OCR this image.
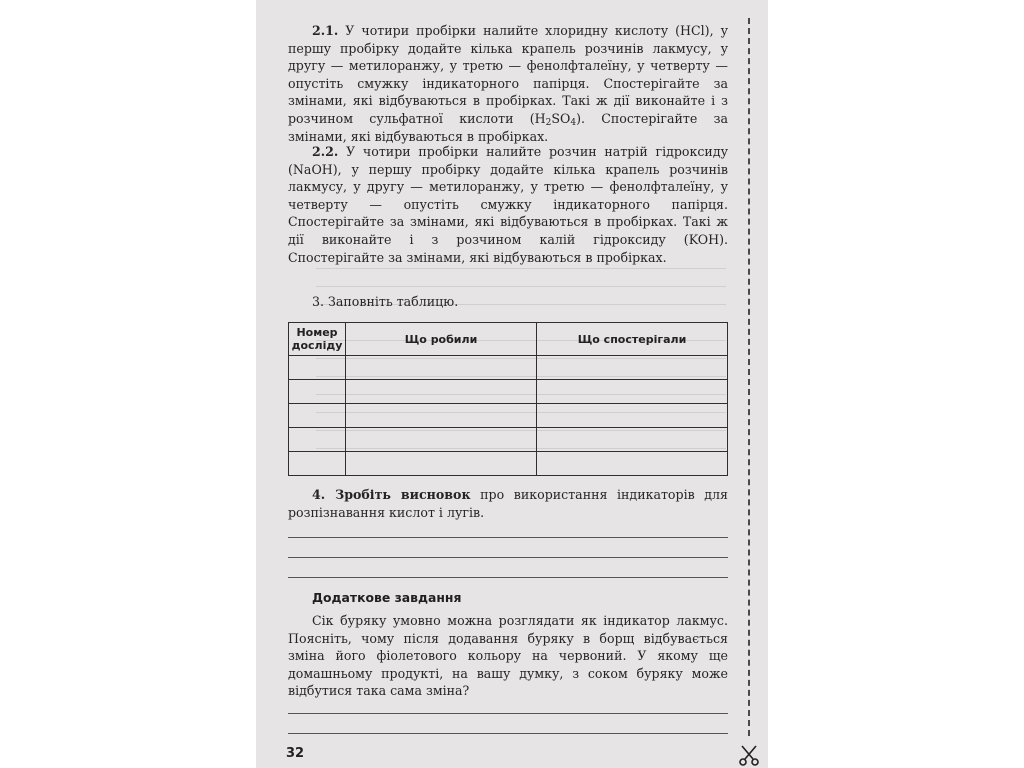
2.1. У чотири пробірки налийте хлоридну кислоту (HCl), у першу пробірку додайте кілька крапель розчинів лакмусу, у другу — метилоранжу, у третю — фенолфталеїну, у четверту — опустіть смужку індикаторного папірця. Спостерігайте за змінами, які відбуваються в пробірках. Такі ж дії виконайте і з розчином сульфатної кислоти $(H_2SO_4)$. Спостерігайте за змінами, які відбуваються в пробірках.

2.2. У чотири пробірки налийте розчин натрій гідроксиду (NaOH), у першу пробірку додайте кілька крапель розчинів лакмусу, у другу — метилоранжу, у третю — фенолфталеїну, у четверту — опустіть смужку індикаторного папірця. Спостерігайте за змінами, які відбуваються в пробірках. Такі ж дії виконайте і з розчином калій гідроксиду (KOH). Спостерігайте за змінами, які відбуваються в пробірках.

3. Заповніть таблицю.
Номер
досліду	Що робили	Що спостерігали

4. Зробіть висновок про використання індикаторів для розпізнавання кислот і лугів.

Додаткове завдання

Сік буряку умовно можна розглядати як індикатор лакмус. Поясніть, чому після додавання буряку в борщ відбувається зміна його фіолетового кольору на червоний. У якому ще домашньому продукті, на вашу думку, з соком буряку може відбутися така сама зміна?

32
